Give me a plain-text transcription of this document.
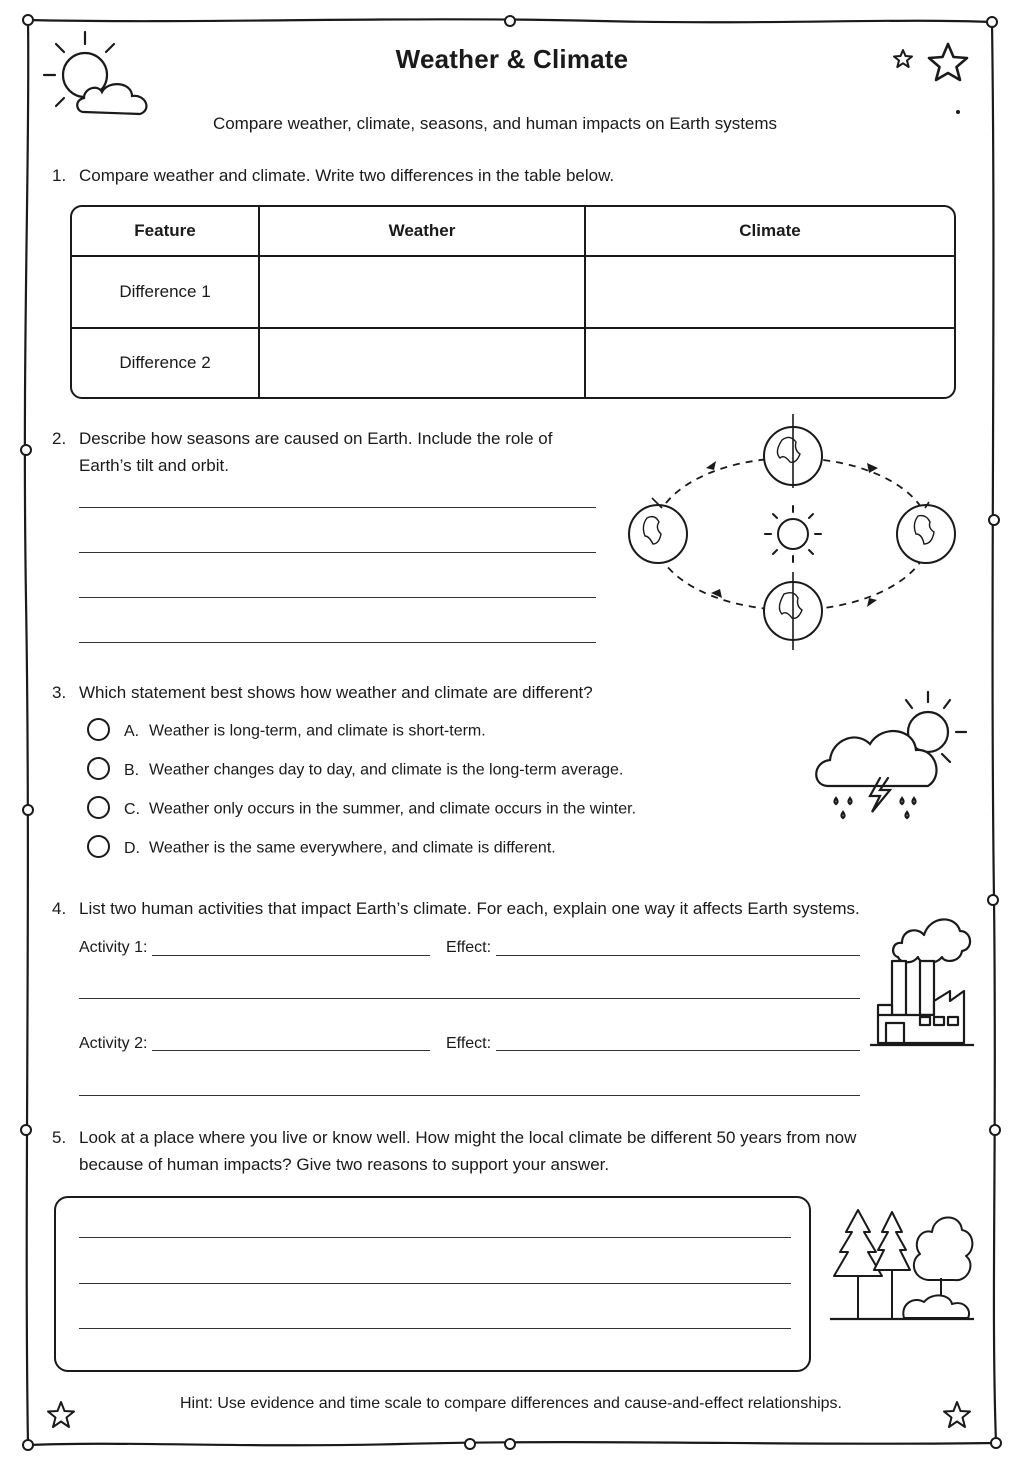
Weather & Climate
Compare weather, climate, seasons, and human impacts on Earth systems
1. Compare weather and climate. Write two differences in the table below.
Feature	Weather	Climate
Difference 1		
Difference 2		
2. Describe how seasons are caused on Earth. Include the role of
Earth’s tilt and orbit.
3. Which statement best shows how weather and climate are different?
A. Weather is long-term, and climate is short-term.
B. Weather changes day to day, and climate is the long-term average.
C. Weather only occurs in the summer, and climate occurs in the winter.
D. Weather is the same everywhere, and climate is different.
4. List two human activities that impact Earth’s climate. For each, explain one way it affects Earth systems.
Activity 1:	Effect:
Activity 2:	Effect:
5. Look at a place where you live or know well. How might the local climate be different 50 years from now
because of human impacts? Give two reasons to support your answer.
Hint: Use evidence and time scale to compare differences and cause-and-effect relationships.
